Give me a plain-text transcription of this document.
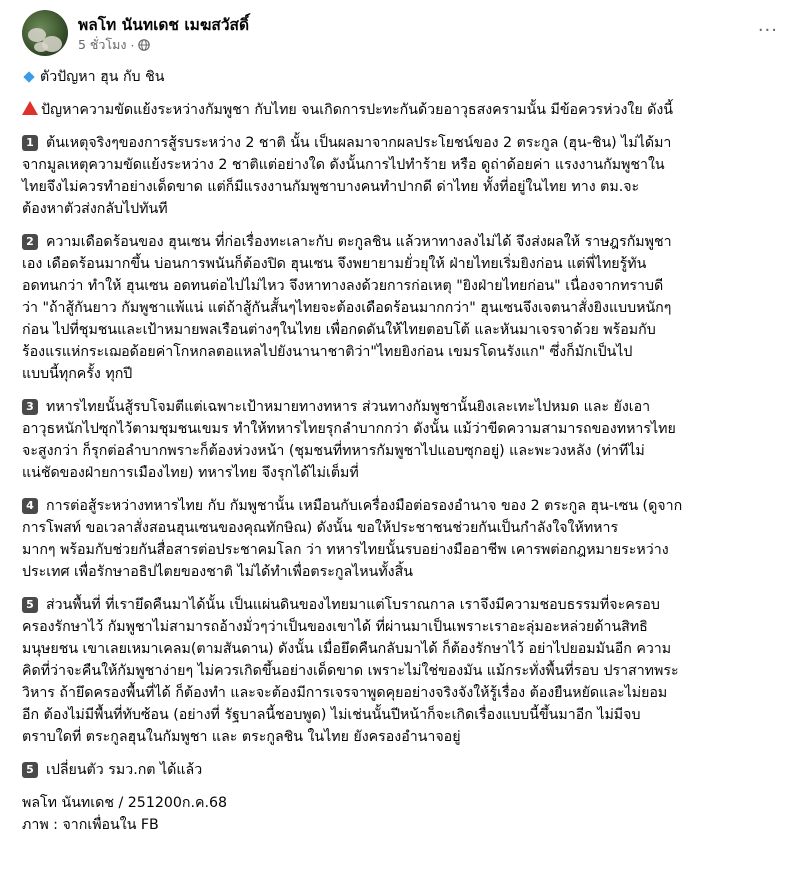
พลโท นันทเดช เมฆสวัสดิ์
5 ชั่วโมง ·
···
ตัวปัญหา ฮุน กับ ชิน
ปัญหาความขัดแย้งระหว่างกัมพูชา กับไทย จนเกิดการปะทะกันด้วยอาวุธสงครามนั้น มีข้อควรห่วงใย ดังนี้
1 ต้นเหตุจริงๆของการสู้รบระหว่าง 2 ชาติ นั้น เป็นผลมาจากผลประโยชน์ของ 2 ตระกูล (ฮุน-ชิน) ไม่ได้มา
จากมูลเหตุความขัดแย้งระหว่าง 2 ชาติแต่อย่างใด ดังนั้นการไปทำร้าย หรือ ดูถ่าด้อยค่า แรงงานกัมพูชาใน
ไทยจึงไม่ควรทำอย่างเด็ดขาด แต่ก็มีแรงงานกัมพูชาบางคนทำปากดี ด่าไทย ทั้งที่อยู่ในไทย ทาง ตม.จะ
ต้องหาตัวส่งกลับไปทันที
2 ความเดือดร้อนของ ฮุนเซน ที่ก่อเรื่องทะเลาะกับ ตะกูลชิน แล้วหาทางลงไม่ได้ จึงส่งผลให้ ราษฎรกัมพูชา
เอง เดือดร้อนมากขึ้น บ่อนการพนันก็ต้องปิด ฮุนเซน จึงพยายามยั่วยุให้ ฝ่ายไทยเริ่มยิงก่อน แต่พี่ไทยรู้ทัน
อดทนกว่า ทำให้ ฮุนเซน อดทนต่อไปไม่ไหว จึงหาทางลงด้วยการก่อเหตุ "ยิงฝ่ายไทยก่อน" เนื่องจากทราบดี
ว่า "ถ้าสู้กันยาว กัมพูชาแพ้แน่ แต่ถ้าสู้กันสั้นๆไทยจะต้องเดือดร้อนมากกว่า" ฮุนเซนจึงเจตนาสั่งยิงแบบหนักๆ
ก่อน ไปที่ชุมชนและเป้าหมายพลเรือนต่างๆในไทย เพื่อกดดันให้ไทยตอบโต้ และหันมาเจรจาด้วย พร้อมกับ
ร้องแรแห่กระเฌอด้อยค่าโกหกลตอแหลไปยังนานาชาติว่า"ไทยยิงก่อน เขมรโดนรังแก" ซึ่งก็มักเป็นไป
แบบนี้ทุกครั้ง ทุกปี
3 ทหารไทยนั้นสู้รบโจมตีแต่เฉพาะเป้าหมายทางทหาร ส่วนทางกัมพูชานั้นยิงเละเทะไปหมด และ ยังเอา
อาวุธหนักไปซุกไว้ตามชุมชนเขมร ทำให้ทหารไทยรุกลำบากกว่า ดังนั้น แม้ว่าขีดความสามารถของทหารไทย
จะสูงกว่า ก็รุกต่อลำบากพราะก็ต้องห่วงหน้า (ชุมชนที่ทหารกัมพูชาไปแอบซุกอยู่) และพะวงหลัง (ท่าทีไม่
แน่ชัดของฝ่ายการเมืองไทย) ทหารไทย จึงรุกได้ไม่เต็มที่
4 การต่อสู้ระหว่างทหารไทย กับ กัมพูชานั้น เหมือนกับเครื่องมือต่อรองอำนาจ ของ 2 ตระกูล ฮุน-เซน (ดูจาก
การโพสท์ ขอเวลาสั่งสอนฮุนเซนของคุณทักษิณ) ดังนั้น ขอให้ประชาชนช่วยกันเป็นกำลังใจให้ทหาร
มากๆ พร้อมกับช่วยกันสื่อสารต่อประชาคมโลก ว่า ทหารไทยนั้นรบอย่างมืออาชีพ เคารพต่อกฎหมายระหว่าง
ประเทศ เพื่อรักษาอธิปไตยของชาติ ไม่ได้ทำเพื่อตระกูลไหนทั้งสิ้น
5 ส่วนพื้นที่ ที่เรายึดคืนมาได้นั้น เป็นแผ่นดินของไทยมาแต่โบราณกาล เราจึงมีความชอบธรรมที่จะครอบ
ครองรักษาไว้ กัมพูชาไม่สามารถอ้างมั่วๆว่าเป็นของเขาได้ ที่ผ่านมาเป็นเพราะเราอะลุ่มอะหล่วยด้านสิทธิ
มนุษยชน เขาเลยเหมาเคลม(ตามสันดาน) ดังนั้น เมื่อยึดคืนกลับมาได้ ก็ต้องรักษาไว้ อย่าไปยอมมันอีก ความ
คิดที่ว่าจะคืนให้กัมพูชาง่ายๆ ไม่ควรเกิดขึ้นอย่างเด็ดขาด เพราะไม่ใช่ของมัน แม้กระทั่งพื้นที่รอบ ปราสาทพระ
วิหาร ถ้ายึดครองพื้นที่ได้ ก็ต้องทำ และจะต้องมีการเจรจาพูดคุยอย่างจริงจังให้รู้เรื่อง ต้องยืนหยัดและไม่ยอม
อีก ต้องไม่มีพื้นที่ทับซ้อน (อย่างที่ รัฐบาลนี้ชอบพูด) ไม่เช่นนั้นปีหน้าก็จะเกิดเรื่องแบบนี้ขึ้นมาอีก ไม่มีจบ
ตราบใดที่ ตระกูลฮุนในกัมพูชา และ ตระกูลชิน ในไทย ยังครองอำนาจอยู่
5 เปลี่ยนตัว รมว.กต ได้แล้ว
พลโท นันทเดช / 251200ก.ค.68
ภาพ : จากเพื่อนใน FB
